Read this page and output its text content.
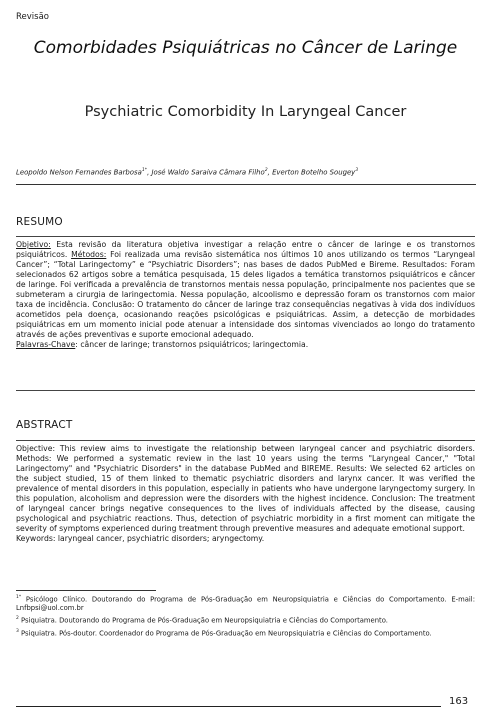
Revisão
Comorbidades Psiquiátricas no Câncer de Laringe
Psychiatric Comorbidity In Laryngeal Cancer
Leopoldo Nelson Fernandes Barbosa$^{1*}$, José Waldo Saraiva Câmara Filho$^2$, Everton Botelho Sougey$^3$
RESUMO

Objetivo: Esta revisão da literatura objetiva investigar a relação entre o câncer de laringe e os transtornos psiquiátricos. Métodos: Foi realizada uma revisão sistemática nos últimos 10 anos utilizando os termos “Laryngeal Cancer”; “Total Laringectomy” e “Psychiatric Disorders”; nas bases de dados PubMed e Bireme. Resultados: Foram selecionados 62 artigos sobre a temática pesquisada, 15 deles ligados a temática transtornos psiquiátricos e câncer de laringe. Foi verificada a prevalência de transtornos mentais nessa população, principalmente nos pacientes que se submeteram a cirurgia de laringectomia. Nessa população, alcoolismo e depressão foram os transtornos com maior taxa de incidência. Conclusão: O tratamento do câncer de laringe traz consequências negativas à vida dos indivíduos acometidos pela doença, ocasionando reações psicológicas e psiquiátricas. Assim, a detecção de morbidades psiquiátricas em um momento inicial pode atenuar a intensidade dos sintomas vivenciados ao longo do tratamento através de ações preventivas e suporte emocional adequado.

Palavras-Chave: câncer de laringe; transtornos psiquiátricos; laringectomia.

ABSTRACT

Objective: This review aims to investigate the relationship between laryngeal cancer and psychiatric disorders. Methods: We performed a systematic review in the last 10 years using the terms "Laryngeal Cancer," "Total Laringectomy" and "Psychiatric Disorders" in the database PubMed and BIREME. Results: We selected 62 articles on the subject studied, 15 of them linked to thematic psychiatric disorders and larynx cancer. It was verified the prevalence of mental disorders in this population, especially in patients who have undergone laryngectomy surgery. In this population, alcoholism and depression were the disorders with the highest incidence. Conclusion: The treatment of laryngeal cancer brings negative consequences to the lives of individuals affected by the disease, causing psychological and psychiatric reactions. Thus, detection of psychiatric morbidity in a first moment can mitigate the severity of symptoms experienced during treatment through preventive measures and adequate emotional support.

Keywords: laryngeal cancer, psychiatric disorders; aryngectomy.

$^{1*}$ Psicólogo Clínico. Doutorando do Programa de Pós-Graduação em Neuropsiquiatria e Ciências do Comportamento. E-mail: Lnfbpsi@uol.com.br

$^2$ Psiquiatra. Doutorando do Programa de Pós-Graduação em Neuropsiquiatria e Ciências do Comportamento.

$^3$ Psiquiatra. Pós-doutor. Coordenador do Programa de Pós-Graduação em Neuropsiquiatria e Ciências do Comportamento.

163
